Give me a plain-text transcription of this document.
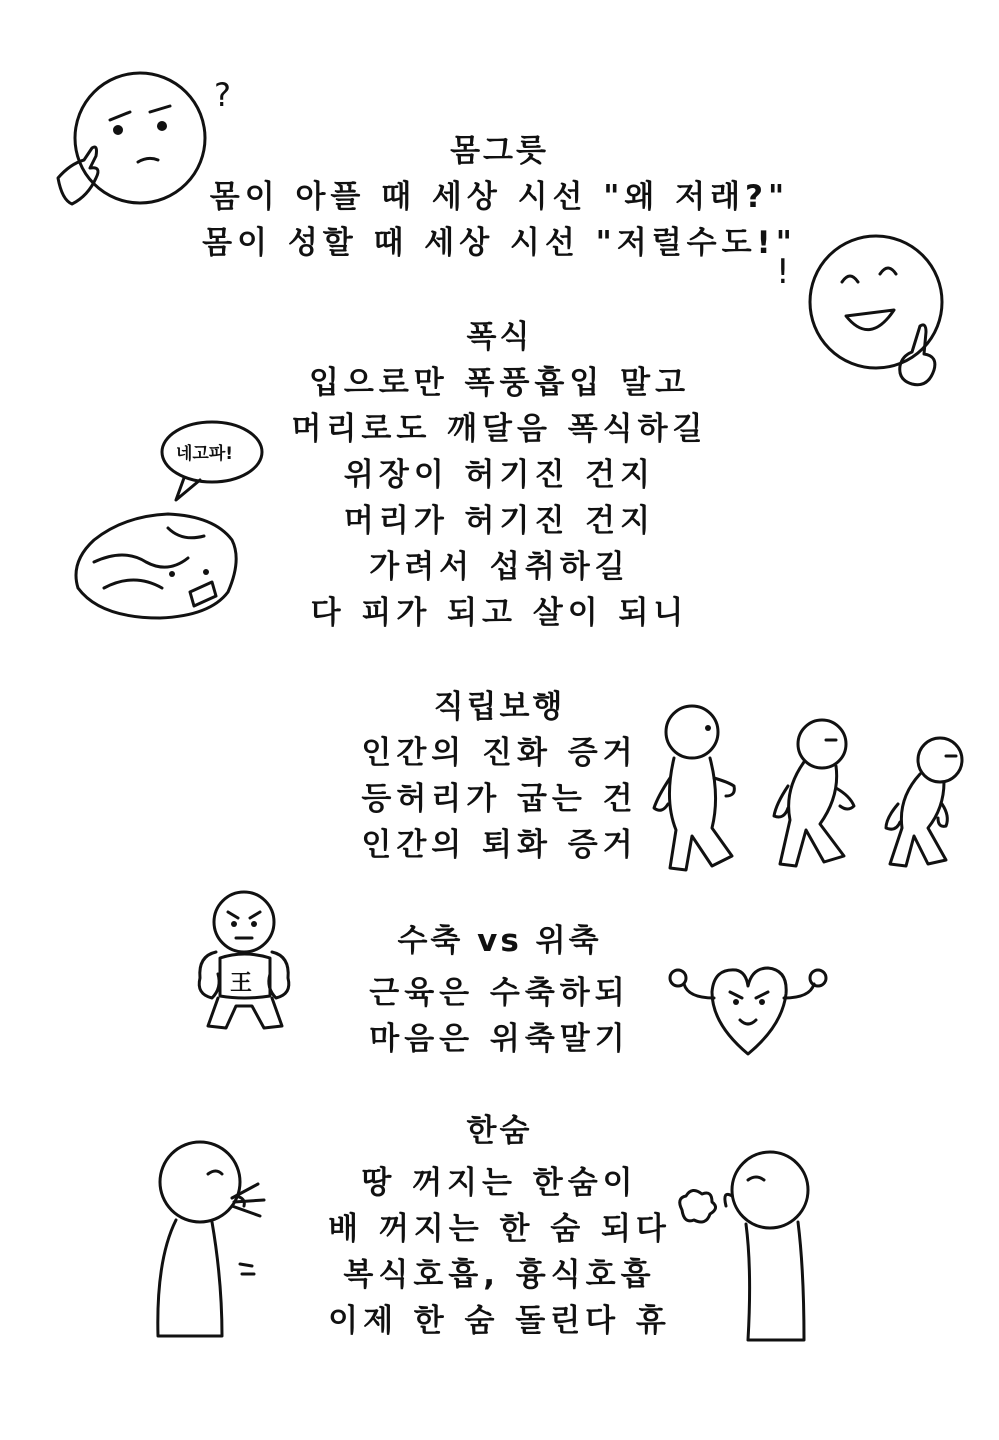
몸그릇
몸이 아플 때 세상 시선 "왜 저래?"
몸이 성할 때 세상 시선 "저럴수도!"
폭식
입으로만 폭풍흡입 말고
머리로도 깨달음 폭식하길
위장이 허기진 건지
머리가 허기진 건지
가려서 섭취하길
다 피가 되고 살이 되니
직립보행
인간의 진화 증거
등허리가 굽는 건
인간의 퇴화 증거
수축 vs 위축
근육은 수축하되
마음은 위축말기
한숨
땅 꺼지는 한숨이
배 꺼지는 한 숨 되다
복식호흡, 흉식호흡
이제 한 숨 돌린다 휴
?
!
네고파!
王
